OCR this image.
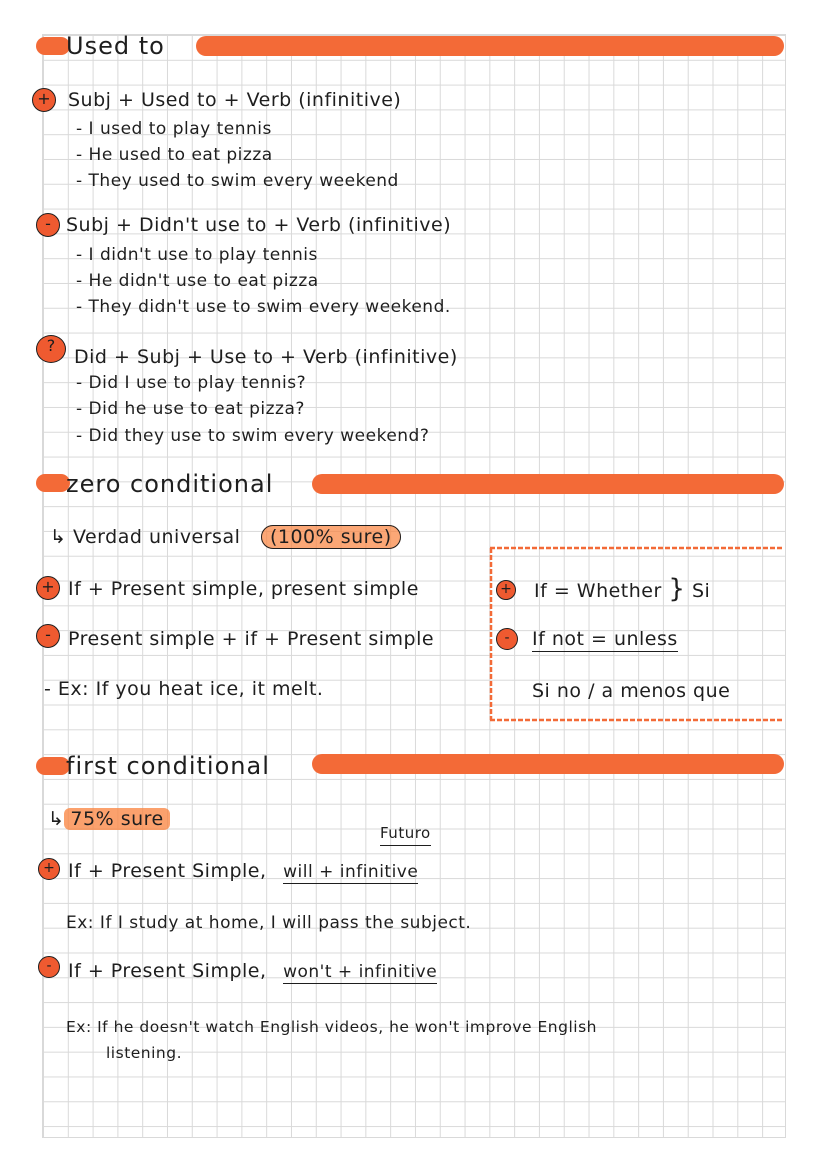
Used to
+ Subj + Used to + Verb (infinitive)
- I used to play tennis
- He used to eat pizza
- They used to swim every weekend
- Subj + Didn't use to + Verb (infinitive)
- I didn't use to play tennis
- He didn't use to eat pizza
- They didn't use to swim every weekend.
?
Did + Subj + Use to + Verb (infinitive)
- Did I use to play tennis?
- Did he use to eat pizza?
- Did they use to swim every weekend?
zero conditional
↳ Verdad universal (100% sure)
+ If + Present simple, present simple
- Present simple + if + Present simple
- Ex: If you heat ice, it melt.
+ If = Whether } Si
-	If not = unless
Si no / a menos que
first conditional
↳ 75% sure
Futuro
+ If + Present Simple, will + infinitive
Ex: If I study at home, I will pass the subject.
- If + Present Simple, won't + infinitive
Ex: If he doesn't watch English videos, he won't improve English
listening.
